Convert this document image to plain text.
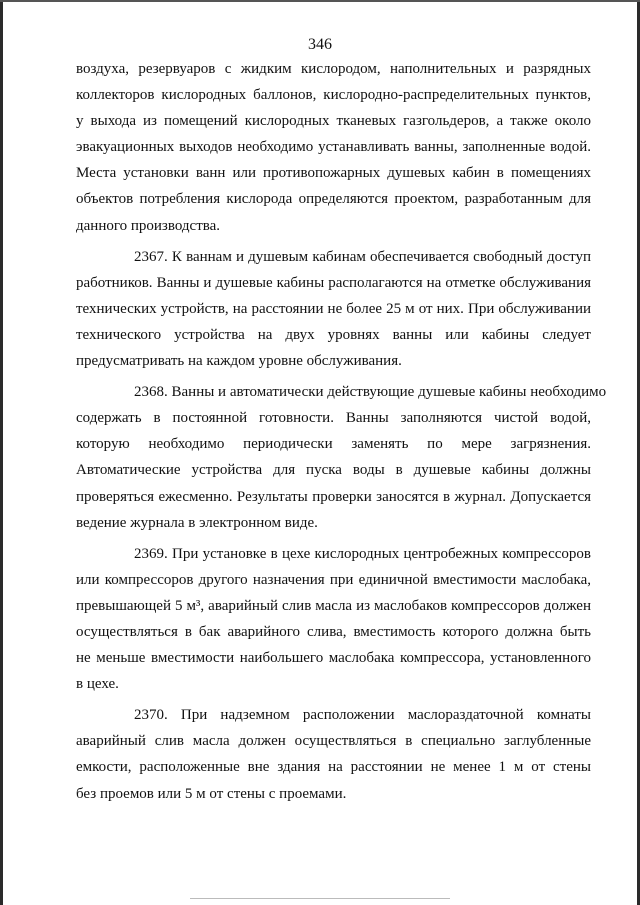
346
воздуха, резервуаров с жидким кислородом, наполнительных и разрядных
коллекторов кислородных баллонов, кислородно-распределительных пунктов,
у выхода из помещений кислородных тканевых газгольдеров, а также около
эвакуационных выходов необходимо устанавливать ванны, заполненные водой.
Места установки ванн или противопожарных душевых кабин в помещениях
объектов потребления кислорода определяются проектом, разработанным для
данного производства.
2367. К ваннам и душевым кабинам обеспечивается свободный доступ
работников. Ванны и душевые кабины располагаются на отметке обслуживания
технических устройств, на расстоянии не более 25 м от них. При обслуживании
технического устройства на двух уровнях ванны или кабины следует
предусматривать на каждом уровне обслуживания.
2368. Ванны и автоматически действующие душевые кабины необходимо
содержать в постоянной готовности. Ванны заполняются чистой водой,
которую необходимо периодически заменять по мере загрязнения.
Автоматические устройства для пуска воды в душевые кабины должны
проверяться ежесменно. Результаты проверки заносятся в журнал. Допускается
ведение журнала в электронном виде.
2369. При установке в цехе кислородных центробежных компрессоров
или компрессоров другого назначения при единичной вместимости маслобака,
превышающей 5 м³, аварийный слив масла из маслобаков компрессоров должен
осуществляться в бак аварийного слива, вместимость которого должна быть
не меньше вместимости наибольшего маслобака компрессора, установленного
в цехе.
2370. При надземном расположении маслораздаточной комнаты
аварийный слив масла должен осуществляться в специально заглубленные
емкости, расположенные вне здания на расстоянии не менее 1 м от стены
без проемов или 5 м от стены с проемами.
